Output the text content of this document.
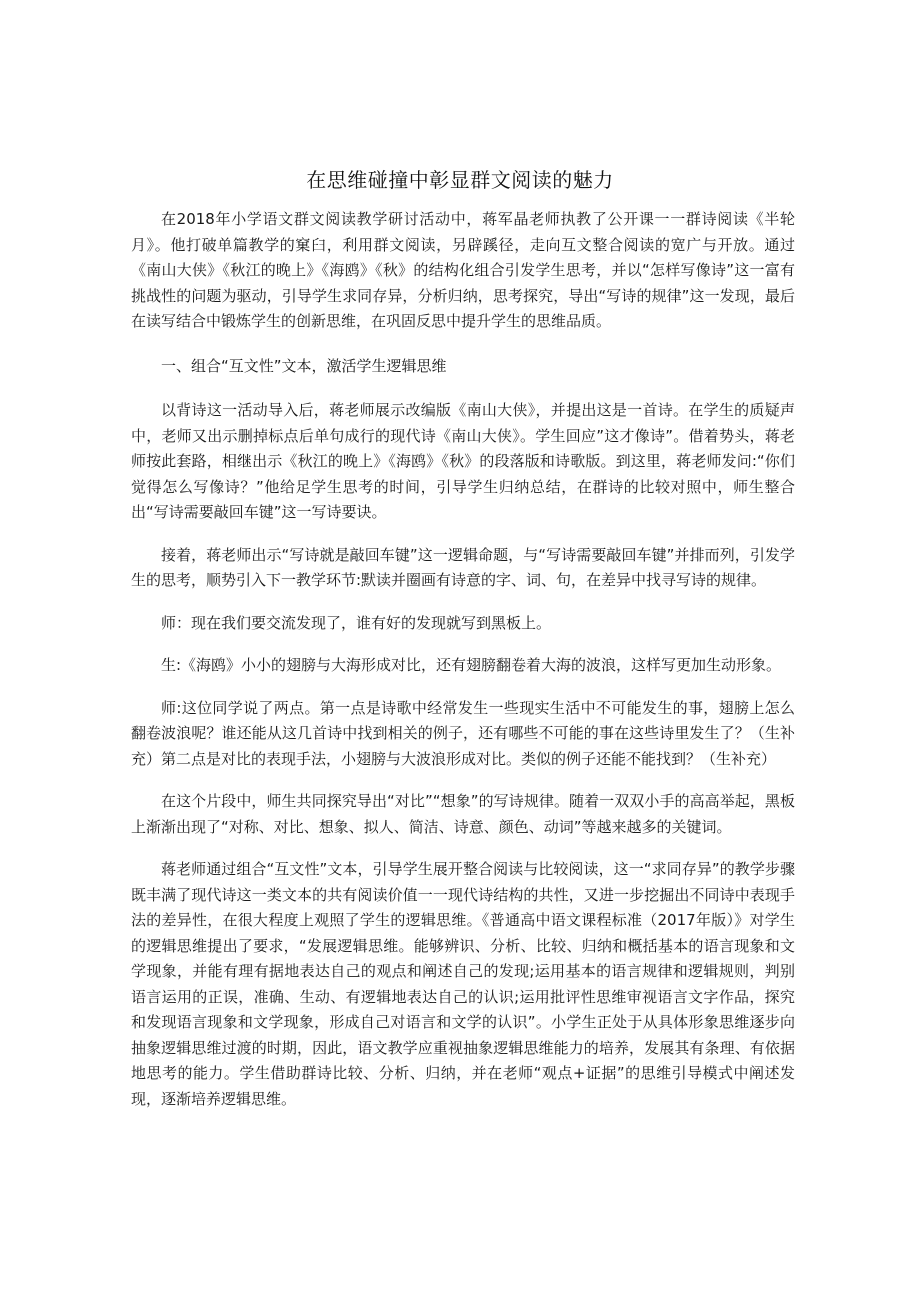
在思维碰撞中彰显群文阅读的魅力

在2018年小学语文群文阅读教学研讨活动中，蒋军晶老师执教了公开课一一群诗阅读《半轮月》。他打破单篇教学的窠臼，利用群文阅读，另辟蹊径，走向互文整合阅读的宽广与开放。通过《南山大侠》《秋江的晚上》《海鸥》《秋》的结构化组合引发学生思考，并以“怎样写像诗”这一富有挑战性的问题为驱动，引导学生求同存异，分析归纳，思考探究，导出“写诗的规律”这一发现，最后在读写结合中锻炼学生的创新思维，在巩固反思中提升学生的思维品质。

一、组合“互文性”文本，激活学生逻辑思维

以背诗这一活动导入后，蒋老师展示改编版《南山大侠》，并提出这是一首诗。在学生的质疑声中，老师又出示删掉标点后单句成行的现代诗《南山大侠》。学生回应”这才像诗”。借着势头，蒋老师按此套路，相继出示《秋江的晚上》《海鸥》《秋》的段落版和诗歌版。到这里，蒋老师发问:“你们觉得怎么写像诗？”他给足学生思考的时间，引导学生归纳总结，在群诗的比较对照中，师生整合出“写诗需要敲回车键”这一写诗要诀。

接着，蒋老师出示“写诗就是敲回车键”这一逻辑命题，与“写诗需要敲回车键”并排而列，引发学生的思考，顺势引入下一教学环节:默读并圈画有诗意的字、词、句，在差异中找寻写诗的规律。

师：现在我们要交流发现了，谁有好的发现就写到黑板上。

生:《海鸥》小小的翅膀与大海形成对比，还有翅膀翻卷着大海的波浪，这样写更加生动形象。

师:这位同学说了两点。第一点是诗歌中经常发生一些现实生活中不可能发生的事，翅膀上怎么翻卷波浪呢？谁还能从这几首诗中找到相关的例子，还有哪些不可能的事在这些诗里发生了？（生补充）第二点是对比的表现手法，小翅膀与大波浪形成对比。类似的例子还能不能找到？（生补充）

在这个片段中，师生共同探究导出“对比”“想象”的写诗规律。随着一双双小手的高高举起，黑板上渐渐出现了“对称、对比、想象、拟人、简洁、诗意、颜色、动词”等越来越多的关键词。

蒋老师通过组合“互文性”文本，引导学生展开整合阅读与比较阅读，这一“求同存异”的教学步骤既丰满了现代诗这一类文本的共有阅读价值一一现代诗结构的共性，又进一步挖掘出不同诗中表现手法的差异性，在很大程度上观照了学生的逻辑思维。《普通高中语文课程标准（2017年版）》对学生的逻辑思维提出了要求，“发展逻辑思维。能够辨识、分析、比较、归纳和概括基本的语言现象和文学现象，并能有理有据地表达自己的观点和阐述自己的发现;运用基本的语言规律和逻辑规则，判别语言运用的正误，准确、生动、有逻辑地表达自己的认识;运用批评性思维审视语言文字作品，探究和发现语言现象和文学现象，形成自己对语言和文学的认识”。小学生正处于从具体形象思维逐步向抽象逻辑思维过渡的时期，因此，语文教学应重视抽象逻辑思维能力的培养，发展其有条理、有依据地思考的能力。学生借助群诗比较、分析、归纳，并在老师“观点+证据”的思维引导模式中阐述发现，逐渐培养逻辑思维。
